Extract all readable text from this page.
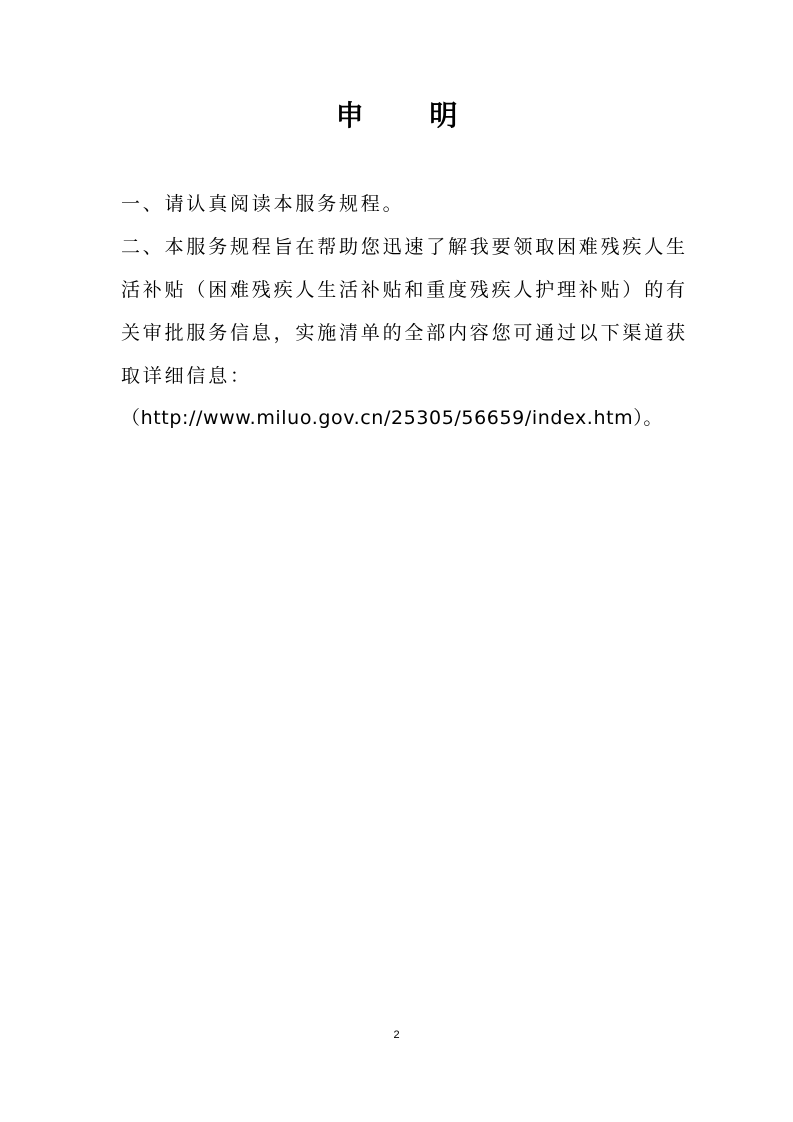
申 明
一、请认真阅读本服务规程。
二、本服务规程旨在帮助您迅速了解我要领取困难残疾人生
活补贴（困难残疾人生活补贴和重度残疾人护理补贴）的有
关审批服务信息，实施清单的全部内容您可通过以下渠道获
取详细信息：
（http://www.miluo.gov.cn/25305/56659/index.htm）。
2
